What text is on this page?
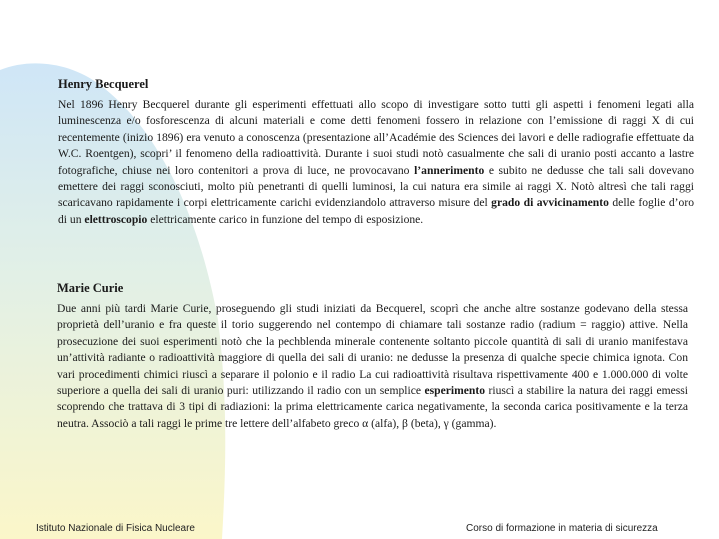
Henry Becquerel

Nel 1896 Henry Becquerel durante gli esperimenti effettuati allo scopo di investigare sotto tutti gli aspetti i fenomeni legati alla luminescenza e/o fosforescenza di alcuni materiali e come detti fenomeni fossero in relazione con l’emissione di raggi X di cui recentemente (inizio 1896) era venuto a conoscenza (presentazione all’Académie des Sciences dei lavori e delle radiografie effettuate da W.C. Roentgen), scopri’ il fenomeno della radioattività. Durante i suoi studi notò casualmente che sali di uranio posti accanto a lastre fotografiche, chiuse nei loro contenitori a prova di luce, ne provocavano l’annerimento e subito ne dedusse che tali sali dovevano emettere dei raggi sconosciuti, molto più penetranti di quelli luminosi, la cui natura era simile ai raggi X. Notò altresì che tali raggi scaricavano rapidamente i corpi elettricamente carichi evidenziandolo attraverso misure del grado di avvicinamento delle foglie d’oro di un elettroscopio elettricamente carico in funzione del tempo di esposizione.

Marie Curie

Due anni più tardi Marie Curie, proseguendo gli studi iniziati da Becquerel, scoprì che anche altre sostanze godevano della stessa proprietà dell’uranio e fra queste il torio suggerendo nel contempo di chiamare tali sostanze radio (radium = raggio) attive. Nella prosecuzione dei suoi esperimenti notò che la pechblenda minerale contenente soltanto piccole quantità di sali di uranio manifestava un’attività radiante o radioattività maggiore di quella dei sali di uranio: ne dedusse la presenza di qualche specie chimica ignota. Con vari procedimenti chimici riuscì a separare il polonio e il radio La cui radioattività risultava rispettivamente 400 e 1.000.000 di volte superiore a quella dei sali di uranio puri: utilizzando il radio con un semplice esperimento riuscì a stabilire la natura dei raggi emessi scoprendo che trattava di 3 tipi di radiazioni: la prima elettricamente carica negativamente, la seconda carica positivamente e la terza neutra. Associò a tali raggi le prime tre lettere dell’alfabeto greco α (alfa), β (beta), γ (gamma).

Istituto Nazionale di Fisica Nucleare	Corso di formazione in materia di sicurezza
